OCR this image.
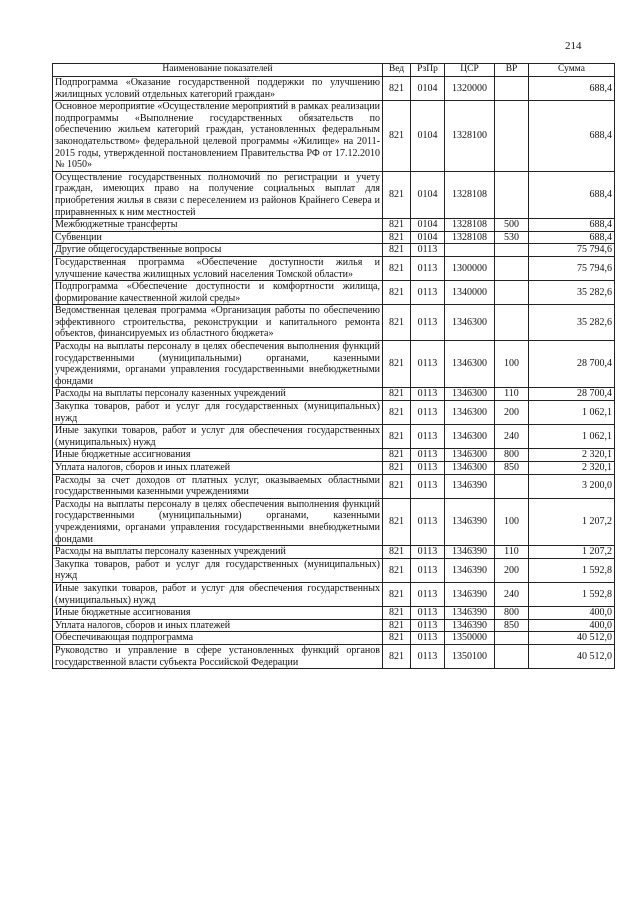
214
Наименование показателей	Вед	РзПр	ЦСР	ВР	Сумма
Подпрограмма «Оказание государственной поддержки по улучшению жилищных условий отдельных категорий граждан»	821	0104	1320000		688,4
Основное мероприятие «Осуществление мероприятий в рамках реализации подпрограммы «Выполнение государственных обязательств по обеспечению жильем категорий граждан, установленных федеральным законодательством» федеральной целевой программы «Жилище» на 2011-2015 годы, утвержденной постановлением Правительства РФ от 17.12.2010 № 1050»	821	0104	1328100		688,4
Осуществление государственных полномочий по регистрации и учету граждан, имеющих право на получение социальных выплат для приобретения жилья в связи с переселением из районов Крайнего Севера и приравненных к ним местностей	821	0104	1328108		688,4
Межбюджетные трансферты	821	0104	1328108	500	688,4
Субвенции	821	0104	1328108	530	688,4
Другие общегосударственные вопросы	821	0113			75 794,6
Государственная программа «Обеспечение доступности жилья и улучшение качества жилищных условий населения Томской области»	821	0113	1300000		75 794,6
Подпрограмма «Обеспечение доступности и комфортности жилища, формирование качественной жилой среды»	821	0113	1340000		35 282,6
Ведомственная целевая программа «Организация работы по обеспечению эффективного строительства, реконструкции и капитального ремонта объектов, финансируемых из областного бюджета»	821	0113	1346300		35 282,6
Расходы на выплаты персоналу в целях обеспечения выполнения функций государственными (муниципальными) органами, казенными учреждениями, органами управления государственными внебюджетными фондами	821	0113	1346300	100	28 700,4
Расходы на выплаты персоналу казенных учреждений	821	0113	1346300	110	28 700,4
Закупка товаров, работ и услуг для государственных (муниципальных) нужд	821	0113	1346300	200	1 062,1
Иные закупки товаров, работ и услуг для обеспечения государственных (муниципальных) нужд	821	0113	1346300	240	1 062,1
Иные бюджетные ассигнования	821	0113	1346300	800	2 320,1
Уплата налогов, сборов и иных платежей	821	0113	1346300	850	2 320,1
Расходы за счет доходов от платных услуг, оказываемых областными государственными казенными учреждениями	821	0113	1346390		3 200,0
Расходы на выплаты персоналу в целях обеспечения выполнения функций государственными (муниципальными) органами, казенными учреждениями, органами управления государственными внебюджетными фондами	821	0113	1346390	100	1 207,2
Расходы на выплаты персоналу казенных учреждений	821	0113	1346390	110	1 207,2
Закупка товаров, работ и услуг для государственных (муниципальных) нужд	821	0113	1346390	200	1 592,8
Иные закупки товаров, работ и услуг для обеспечения государственных (муниципальных) нужд	821	0113	1346390	240	1 592,8
Иные бюджетные ассигнования	821	0113	1346390	800	400,0
Уплата налогов, сборов и иных платежей	821	0113	1346390	850	400,0
Обеспечивающая подпрограмма	821	0113	1350000		40 512,0
Руководство и управление в сфере установленных функций органов государственной власти субъекта Российской Федерации	821	0113	1350100		40 512,0
